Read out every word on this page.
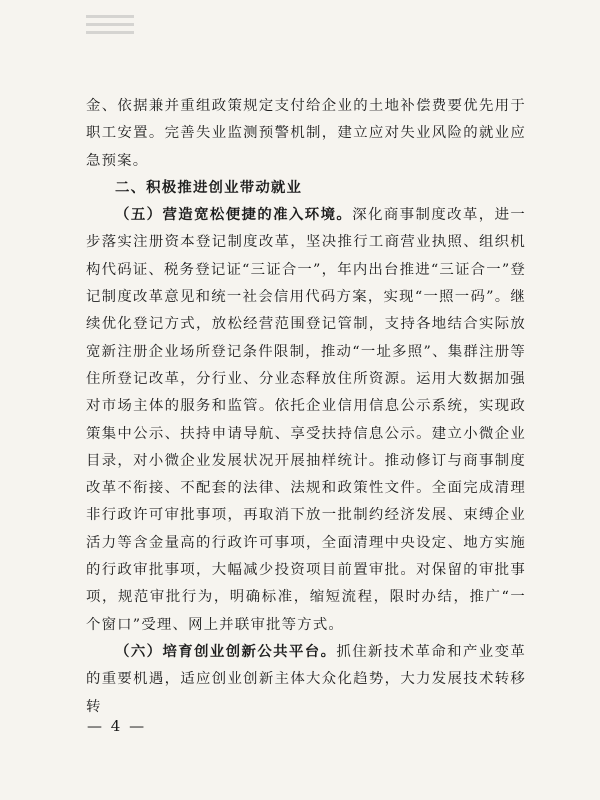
金、依据兼并重组政策规定支付给企业的土地补偿费要优先用于职工安置。完善失业监测预警机制，建立应对失业风险的就业应急预案。

二、积极推进创业带动就业

（五）营造宽松便捷的准入环境。深化商事制度改革，进一步落实注册资本登记制度改革，坚决推行工商营业执照、组织机构代码证、税务登记证“三证合一”，年内出台推进“三证合一”登记制度改革意见和统一社会信用代码方案，实现“一照一码”。继续优化登记方式，放松经营范围登记管制，支持各地结合实际放宽新注册企业场所登记条件限制，推动“一址多照”、集群注册等住所登记改革，分行业、分业态释放住所资源。运用大数据加强对市场主体的服务和监管。依托企业信用信息公示系统，实现政策集中公示、扶持申请导航、享受扶持信息公示。建立小微企业目录，对小微企业发展状况开展抽样统计。推动修订与商事制度改革不衔接、不配套的法律、法规和政策性文件。全面完成清理非行政许可审批事项，再取消下放一批制约经济发展、束缚企业活力等含金量高的行政许可事项，全面清理中央设定、地方实施的行政审批事项，大幅减少投资项目前置审批。对保留的审批事项，规范审批行为，明确标准，缩短流程，限时办结，推广“一个窗口”受理、网上并联审批等方式。

（六）培育创业创新公共平台。抓住新技术革命和产业变革的重要机遇，适应创业创新主体大众化趋势，大力发展技术转移转

— 4 —
